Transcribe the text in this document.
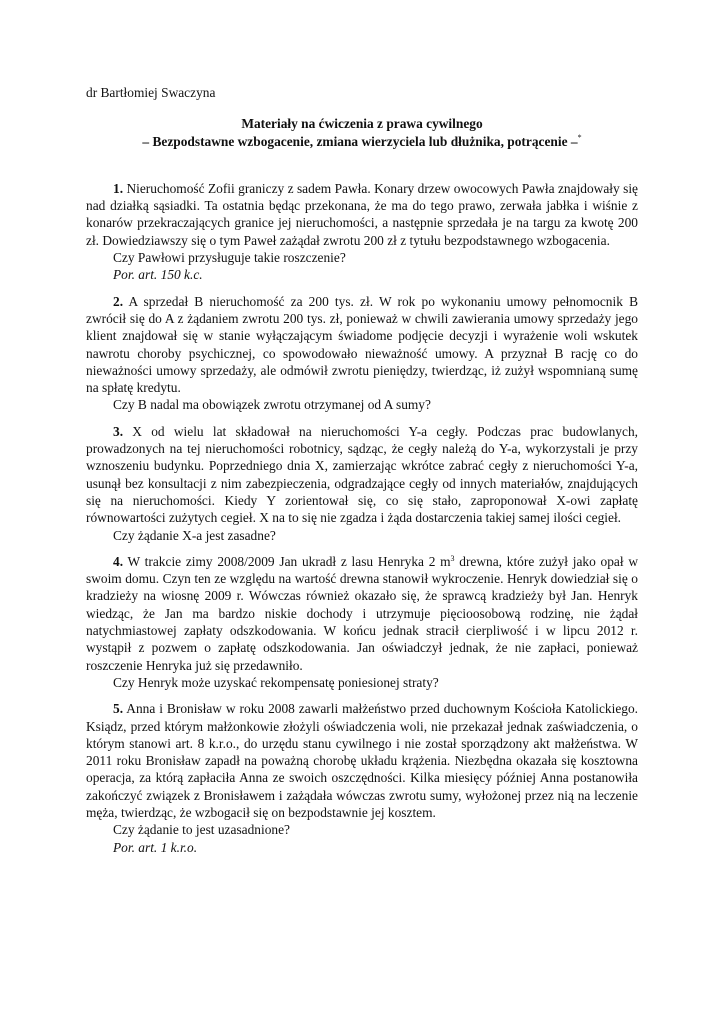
dr Bartłomiej Swaczyna

Materiały na ćwiczenia z prawa cywilnego
– Bezpodstawne wzbogacenie, zmiana wierzyciela lub dłużnika, potrącenie –*

1. Nieruchomość Zofii graniczy z sadem Pawła. Konary drzew owocowych Pawła znajdowały się nad działką sąsiadki. Ta ostatnia będąc przekonana, że ma do tego prawo, zerwała jabłka i wiśnie z konarów przekraczających granice jej nieruchomości, a następnie sprzedała je na targu za kwotę 200 zł. Dowiedziawszy się o tym Paweł zażądał zwrotu 200 zł z tytułu bezpodstawnego wzbogacenia.

Czy Pawłowi przysługuje takie roszczenie?

Por. art. 150 k.c.

2. A sprzedał B nieruchomość za 200 tys. zł. W rok po wykonaniu umowy pełnomocnik B zwrócił się do A z żądaniem zwrotu 200 tys. zł, ponieważ w chwili zawierania umowy sprzedaży jego klient znajdował się w stanie wyłączającym świadome podjęcie decyzji i wyrażenie woli wskutek nawrotu choroby psychicznej, co spowodowało nieważność umowy. A przyznał B rację co do nieważności umowy sprzedaży, ale odmówił zwrotu pieniędzy, twierdząc, iż zużył wspomnianą sumę na spłatę kredytu.

Czy B nadal ma obowiązek zwrotu otrzymanej od A sumy?

3. X od wielu lat składował na nieruchomości Y-a cegły. Podczas prac budowlanych, prowadzonych na tej nieruchomości robotnicy, sądząc, że cegły należą do Y-a, wykorzystali je przy wznoszeniu budynku. Poprzedniego dnia X, zamierzając wkrótce zabrać cegły z nieruchomości Y-a, usunął bez konsultacji z nim zabezpieczenia, odgradzające cegły od innych materiałów, znajdujących się na nieruchomości. Kiedy Y zorientował się, co się stało, zaproponował X-owi zapłatę równowartości zużytych cegieł. X na to się nie zgadza i żąda dostarczenia takiej samej ilości cegieł.

Czy żądanie X-a jest zasadne?

4. W trakcie zimy 2008/2009 Jan ukradł z lasu Henryka 2 $m^3$ drewna, które zużył jako opał w swoim domu. Czyn ten ze względu na wartość drewna stanowił wykroczenie. Henryk dowiedział się o kradzieży na wiosnę 2009 r. Wówczas również okazało się, że sprawcą kradzieży był Jan. Henryk wiedząc, że Jan ma bardzo niskie dochody i utrzymuje pięcioosobową rodzinę, nie żądał natychmiastowej zapłaty odszkodowania. W końcu jednak stracił cierpliwość i w lipcu 2012 r. wystąpił z pozwem o zapłatę odszkodowania. Jan oświadczył jednak, że nie zapłaci, ponieważ roszczenie Henryka już się przedawniło.

Czy Henryk może uzyskać rekompensatę poniesionej straty?

5. Anna i Bronisław w roku 2008 zawarli małżeństwo przed duchownym Kościoła Katolickiego. Ksiądz, przed którym małżonkowie złożyli oświadczenia woli, nie przekazał jednak zaświadczenia, o którym stanowi art. 8 k.r.o., do urzędu stanu cywilnego i nie został sporządzony akt małżeństwa. W 2011 roku Bronisław zapadł na poważną chorobę układu krążenia. Niezbędna okazała się kosztowna operacja, za którą zapłaciła Anna ze swoich oszczędności. Kilka miesięcy później Anna postanowiła zakończyć związek z Bronisławem i zażądała wówczas zwrotu sumy, wyłożonej przez nią na leczenie męża, twierdząc, że wzbogacił się on bezpodstawnie jej kosztem.

Czy żądanie to jest uzasadnione?

Por. art. 1 k.r.o.
